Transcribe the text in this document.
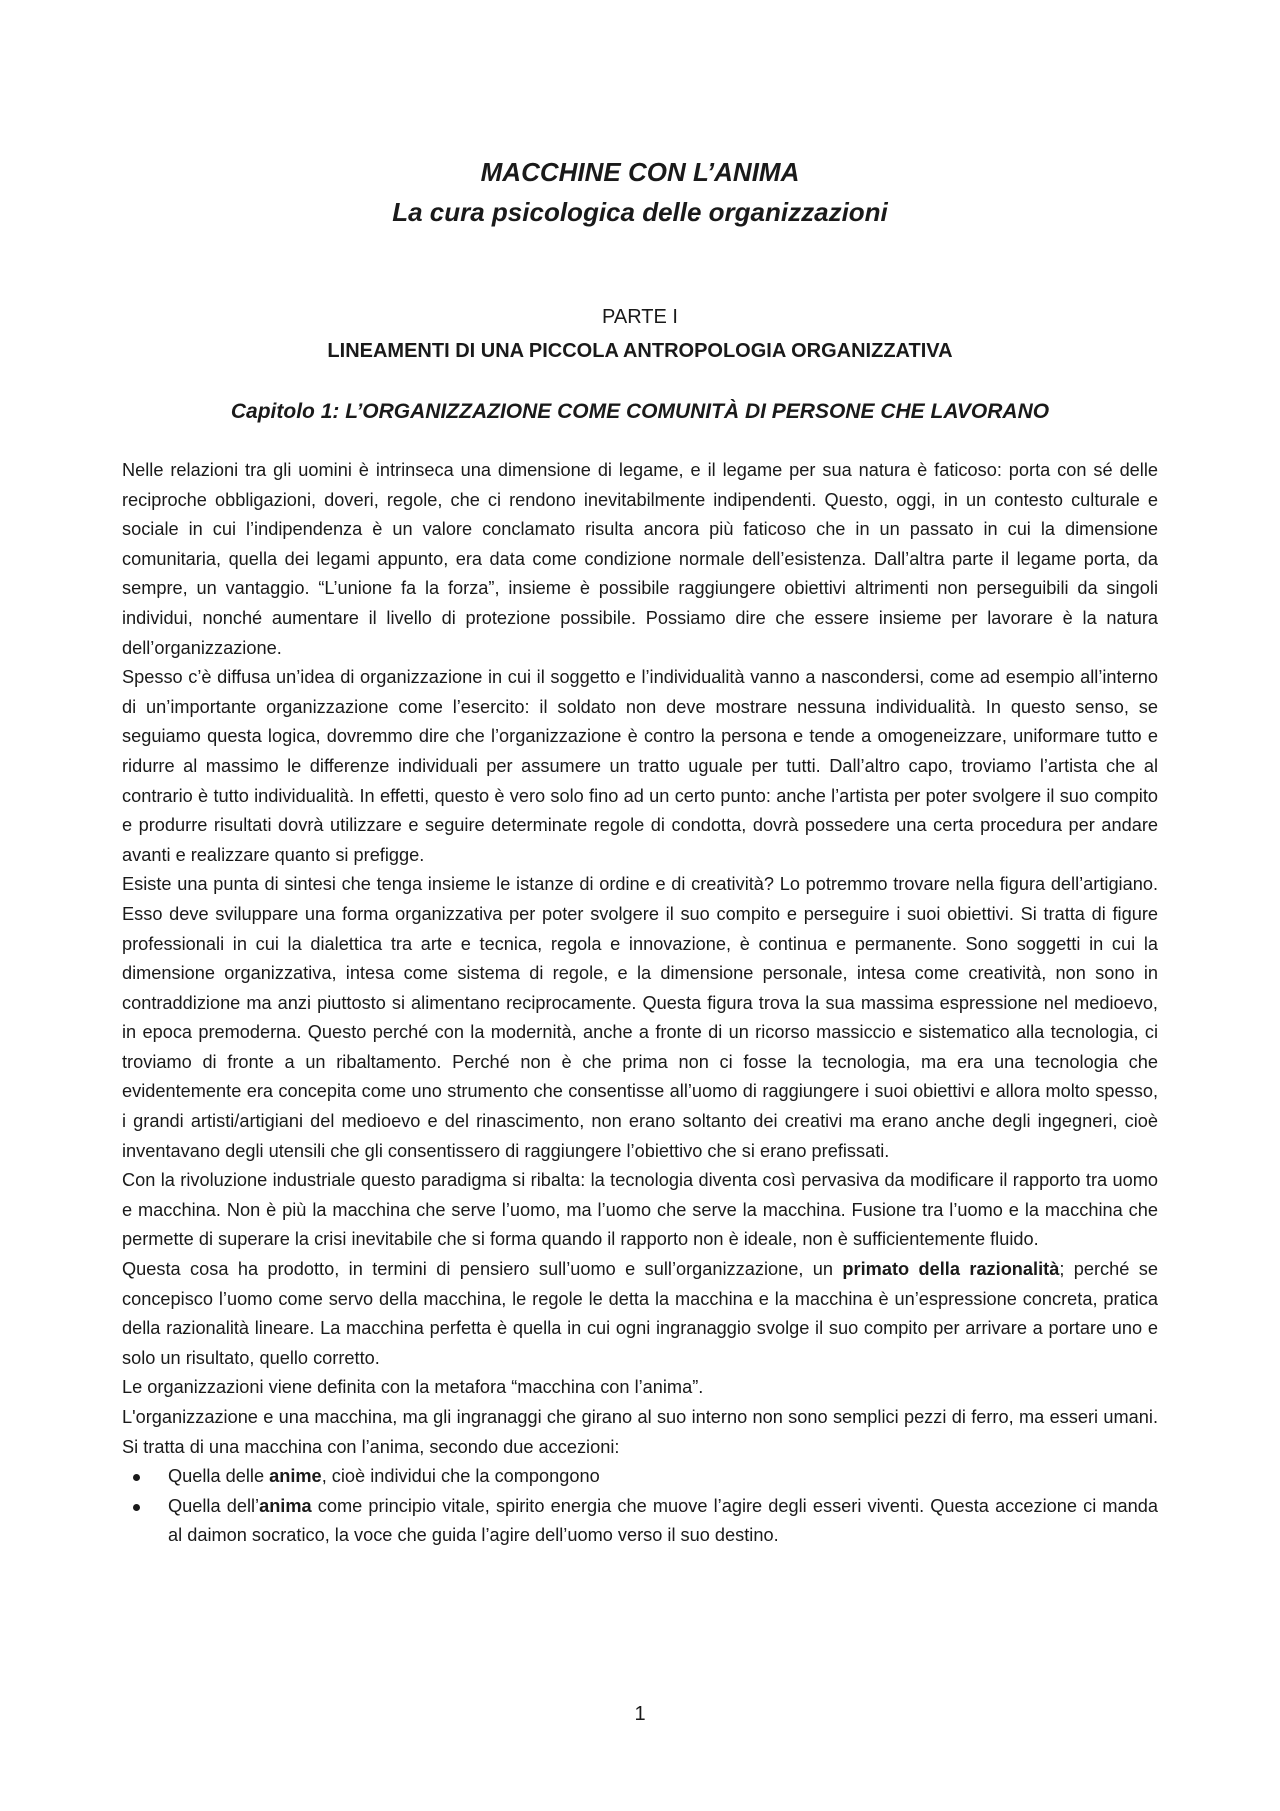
MACCHINE CON L’ANIMA
La cura psicologica delle organizzazioni
PARTE I
LINEAMENTI DI UNA PICCOLA ANTROPOLOGIA ORGANIZZATIVA
Capitolo 1: L’ORGANIZZAZIONE COME COMUNITÀ DI PERSONE CHE LAVORANO

Nelle relazioni tra gli uomini è intrinseca una dimensione di legame, e il legame per sua natura è faticoso: porta con sé delle reciproche obbligazioni, doveri, regole, che ci rendono inevitabilmente indipendenti. Questo, oggi, in un contesto culturale e sociale in cui l’indipendenza è un valore conclamato risulta ancora più faticoso che in un passato in cui la dimensione comunitaria, quella dei legami appunto, era data come condizione normale dell’esistenza. Dall’altra parte il legame porta, da sempre, un vantaggio. “L’unione fa la forza”, insieme è possibile raggiungere obiettivi altrimenti non perseguibili da singoli individui, nonché aumentare il livello di protezione possibile. Possiamo dire che essere insieme per lavorare è la natura dell’organizzazione.

Spesso c’è diffusa un’idea di organizzazione in cui il soggetto e l’individualità vanno a nascondersi, come ad esempio all’interno di un’importante organizzazione come l’esercito: il soldato non deve mostrare nessuna individualità. In questo senso, se seguiamo questa logica, dovremmo dire che l’organizzazione è contro la persona e tende a omogeneizzare, uniformare tutto e ridurre al massimo le differenze individuali per assumere un tratto uguale per tutti. Dall’altro capo, troviamo l’artista che al contrario è tutto individualità. In effetti, questo è vero solo fino ad un certo punto: anche l’artista per poter svolgere il suo compito e produrre risultati dovrà utilizzare e seguire determinate regole di condotta, dovrà possedere una certa procedura per andare avanti e realizzare quanto si prefigge.

Esiste una punta di sintesi che tenga insieme le istanze di ordine e di creatività? Lo potremmo trovare nella figura dell’artigiano. Esso deve sviluppare una forma organizzativa per poter svolgere il suo compito e perseguire i suoi obiettivi. Si tratta di figure professionali in cui la dialettica tra arte e tecnica, regola e innovazione, è continua e permanente. Sono soggetti in cui la dimensione organizzativa, intesa come sistema di regole, e la dimensione personale, intesa come creatività, non sono in contraddizione ma anzi piuttosto si alimentano reciprocamente. Questa figura trova la sua massima espressione nel medioevo, in epoca premoderna. Questo perché con la modernità, anche a fronte di un ricorso massiccio e sistematico alla tecnologia, ci troviamo di fronte a un ribaltamento. Perché non è che prima non ci fosse la tecnologia, ma era una tecnologia che evidentemente era concepita come uno strumento che consentisse all’uomo di raggiungere i suoi obiettivi e allora molto spesso, i grandi artisti/artigiani del medioevo e del rinascimento, non erano soltanto dei creativi ma erano anche degli ingegneri, cioè inventavano degli utensili che gli consentissero di raggiungere l’obiettivo che si erano prefissati.

Con la rivoluzione industriale questo paradigma si ribalta: la tecnologia diventa così pervasiva da modificare il rapporto tra uomo e macchina. Non è più la macchina che serve l’uomo, ma l’uomo che serve la macchina. Fusione tra l’uomo e la macchina che permette di superare la crisi inevitabile che si forma quando il rapporto non è ideale, non è sufficientemente fluido.

Questa cosa ha prodotto, in termini di pensiero sull’uomo e sull’organizzazione, un primato della razionalità; perché se concepisco l’uomo come servo della macchina, le regole le detta la macchina e la macchina è un’espressione concreta, pratica della razionalità lineare. La macchina perfetta è quella in cui ogni ingranaggio svolge il suo compito per arrivare a portare uno e solo un risultato, quello corretto.

Le organizzazioni viene definita con la metafora “macchina con l’anima”.

L'organizzazione e una macchina, ma gli ingranaggi che girano al suo interno non sono semplici pezzi di ferro, ma esseri umani. Si tratta di una macchina con l’anima, secondo due accezioni:

Quella delle anime, cioè individui che la compongono
Quella dell’anima come principio vitale, spirito energia che muove l’agire degli esseri viventi. Questa accezione ci manda al daimon socratico, la voce che guida l’agire dell’uomo verso il suo destino.
1
